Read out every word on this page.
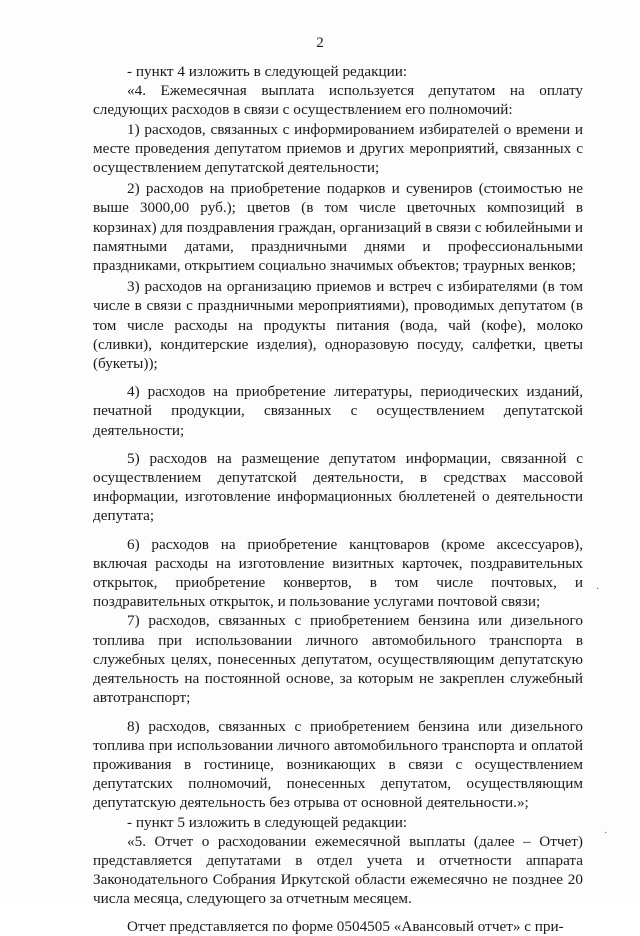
2

- пункт 4 изложить в следующей редакции:

«4. Ежемесячная выплата используется депутатом на оплату следующих расходов в связи с осуществлением его полномочий:

1) расходов, связанных с информированием избирателей о времени и месте проведения депутатом приемов и других мероприятий, связанных с осуществлением депутатской деятельности;

2) расходов на приобретение подарков и сувениров (стоимостью не выше 3000,00 руб.); цветов (в том числе цветочных композиций в корзинах) для поздравления граждан, организаций в связи с юбилейными и памятными датами, праздничными днями и профессиональными праздниками, открытием социально значимых объектов; траурных венков;

3) расходов на организацию приемов и встреч с избирателями (в том числе в связи с праздничными мероприятиями), проводимых депутатом (в том числе расходы на продукты питания (вода, чай (кофе), молоко (сливки), кондитерские изделия), одноразовую посуду, салфетки, цветы (букеты));

4) расходов на приобретение литературы, периодических изданий, печатной продукции, связанных с осуществлением депутатской деятельности;

5) расходов на размещение депутатом информации, связанной с осуществлением депутатской деятельности, в средствах массовой информации, изготовление информационных бюллетеней о деятельности депутата;

6) расходов на приобретение канцтоваров (кроме аксессуаров), включая расходы на изготовление визитных карточек, поздравительных открыток, приобретение конвертов, в том числе почтовых, и поздравительных открыток, и пользование услугами почтовой связи;

7) расходов, связанных с приобретением бензина или дизельного топлива при использовании личного автомобильного транспорта в служебных целях, понесенных депутатом, осуществляющим депутатскую деятельность на постоянной основе, за которым не закреплен служебный автотранспорт;

8) расходов, связанных с приобретением бензина или дизельного топлива при использовании личного автомобильного транспорта и оплатой проживания в гостинице, возникающих в связи с осуществлением депутатских полномочий, понесенных депутатом, осуществляющим депутатскую деятельность без отрыва от основной деятельности.»;

- пункт 5 изложить в следующей редакции:

«5. Отчет о расходовании ежемесячной выплаты (далее – Отчет) представляется депутатами в отдел учета и отчетности аппарата Законодательного Собрания Иркутской области ежемесячно не позднее 20 числа месяца, следующего за отчетным месяцем.

Отчет представляется по форме 0504505 «Авансовый отчет» с при-

·
·
